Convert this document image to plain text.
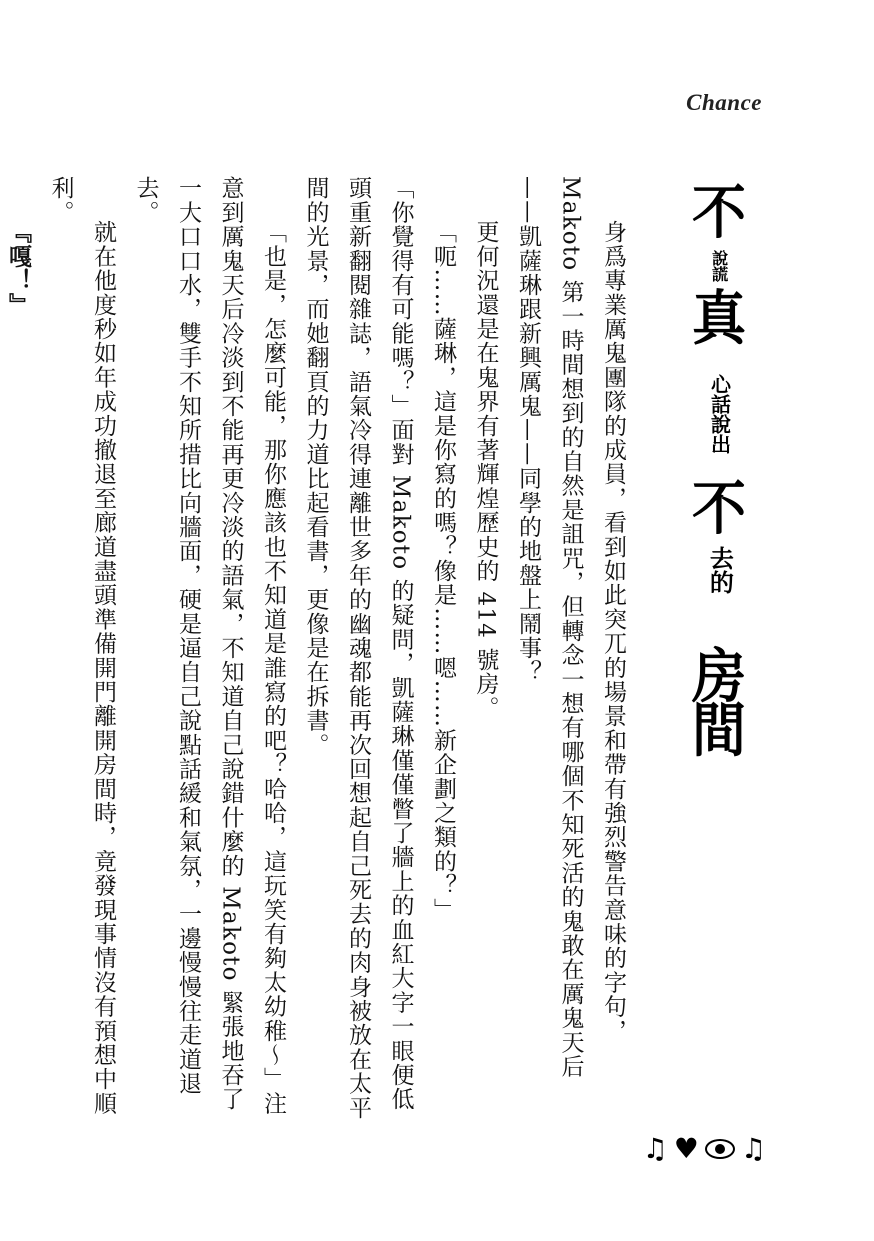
Chance
不
說謊
真
心話說出
不
去的
房
間

身爲專業厲鬼團隊的成員，看到如此突兀的場景和帶有強烈警告意味的字句，Makoto 第一時間想到的自然是詛咒，但轉念一想有哪個不知死活的鬼敢在厲鬼天后——凱薩琳跟新興厲鬼——同學的地盤上鬧事？

更何況還是在鬼界有著輝煌歷史的 414 號房。

「呃……薩琳，這是你寫的嗎？像是……嗯……新企劃之類的？」

「你覺得有可能嗎？」面對 Makoto 的疑問，凱薩琳僅僅瞥了牆上的血紅大字一眼便低頭重新翻閱雜誌，語氣冷得連離世多年的幽魂都能再次回想起自己死去的肉身被放在太平間的光景，而她翻頁的力道比起看書，更像是在拆書。

「也是，怎麼可能，那你應該也不知道是誰寫的吧？哈哈，這玩笑有夠太幼稚～」注意到厲鬼天后冷淡到不能再更冷淡的語氣，不知道自己說錯什麼的 Makoto 緊張地吞了一大口口水，雙手不知所措比向牆面，硬是逼自己說點話緩和氣氛，一邊慢慢往走道退去。

就在他度秒如年成功撤退至廊道盡頭準備開門離開房間時，竟發現事情沒有預想中順利。

『嘎！』

♫ ♥ ♫
